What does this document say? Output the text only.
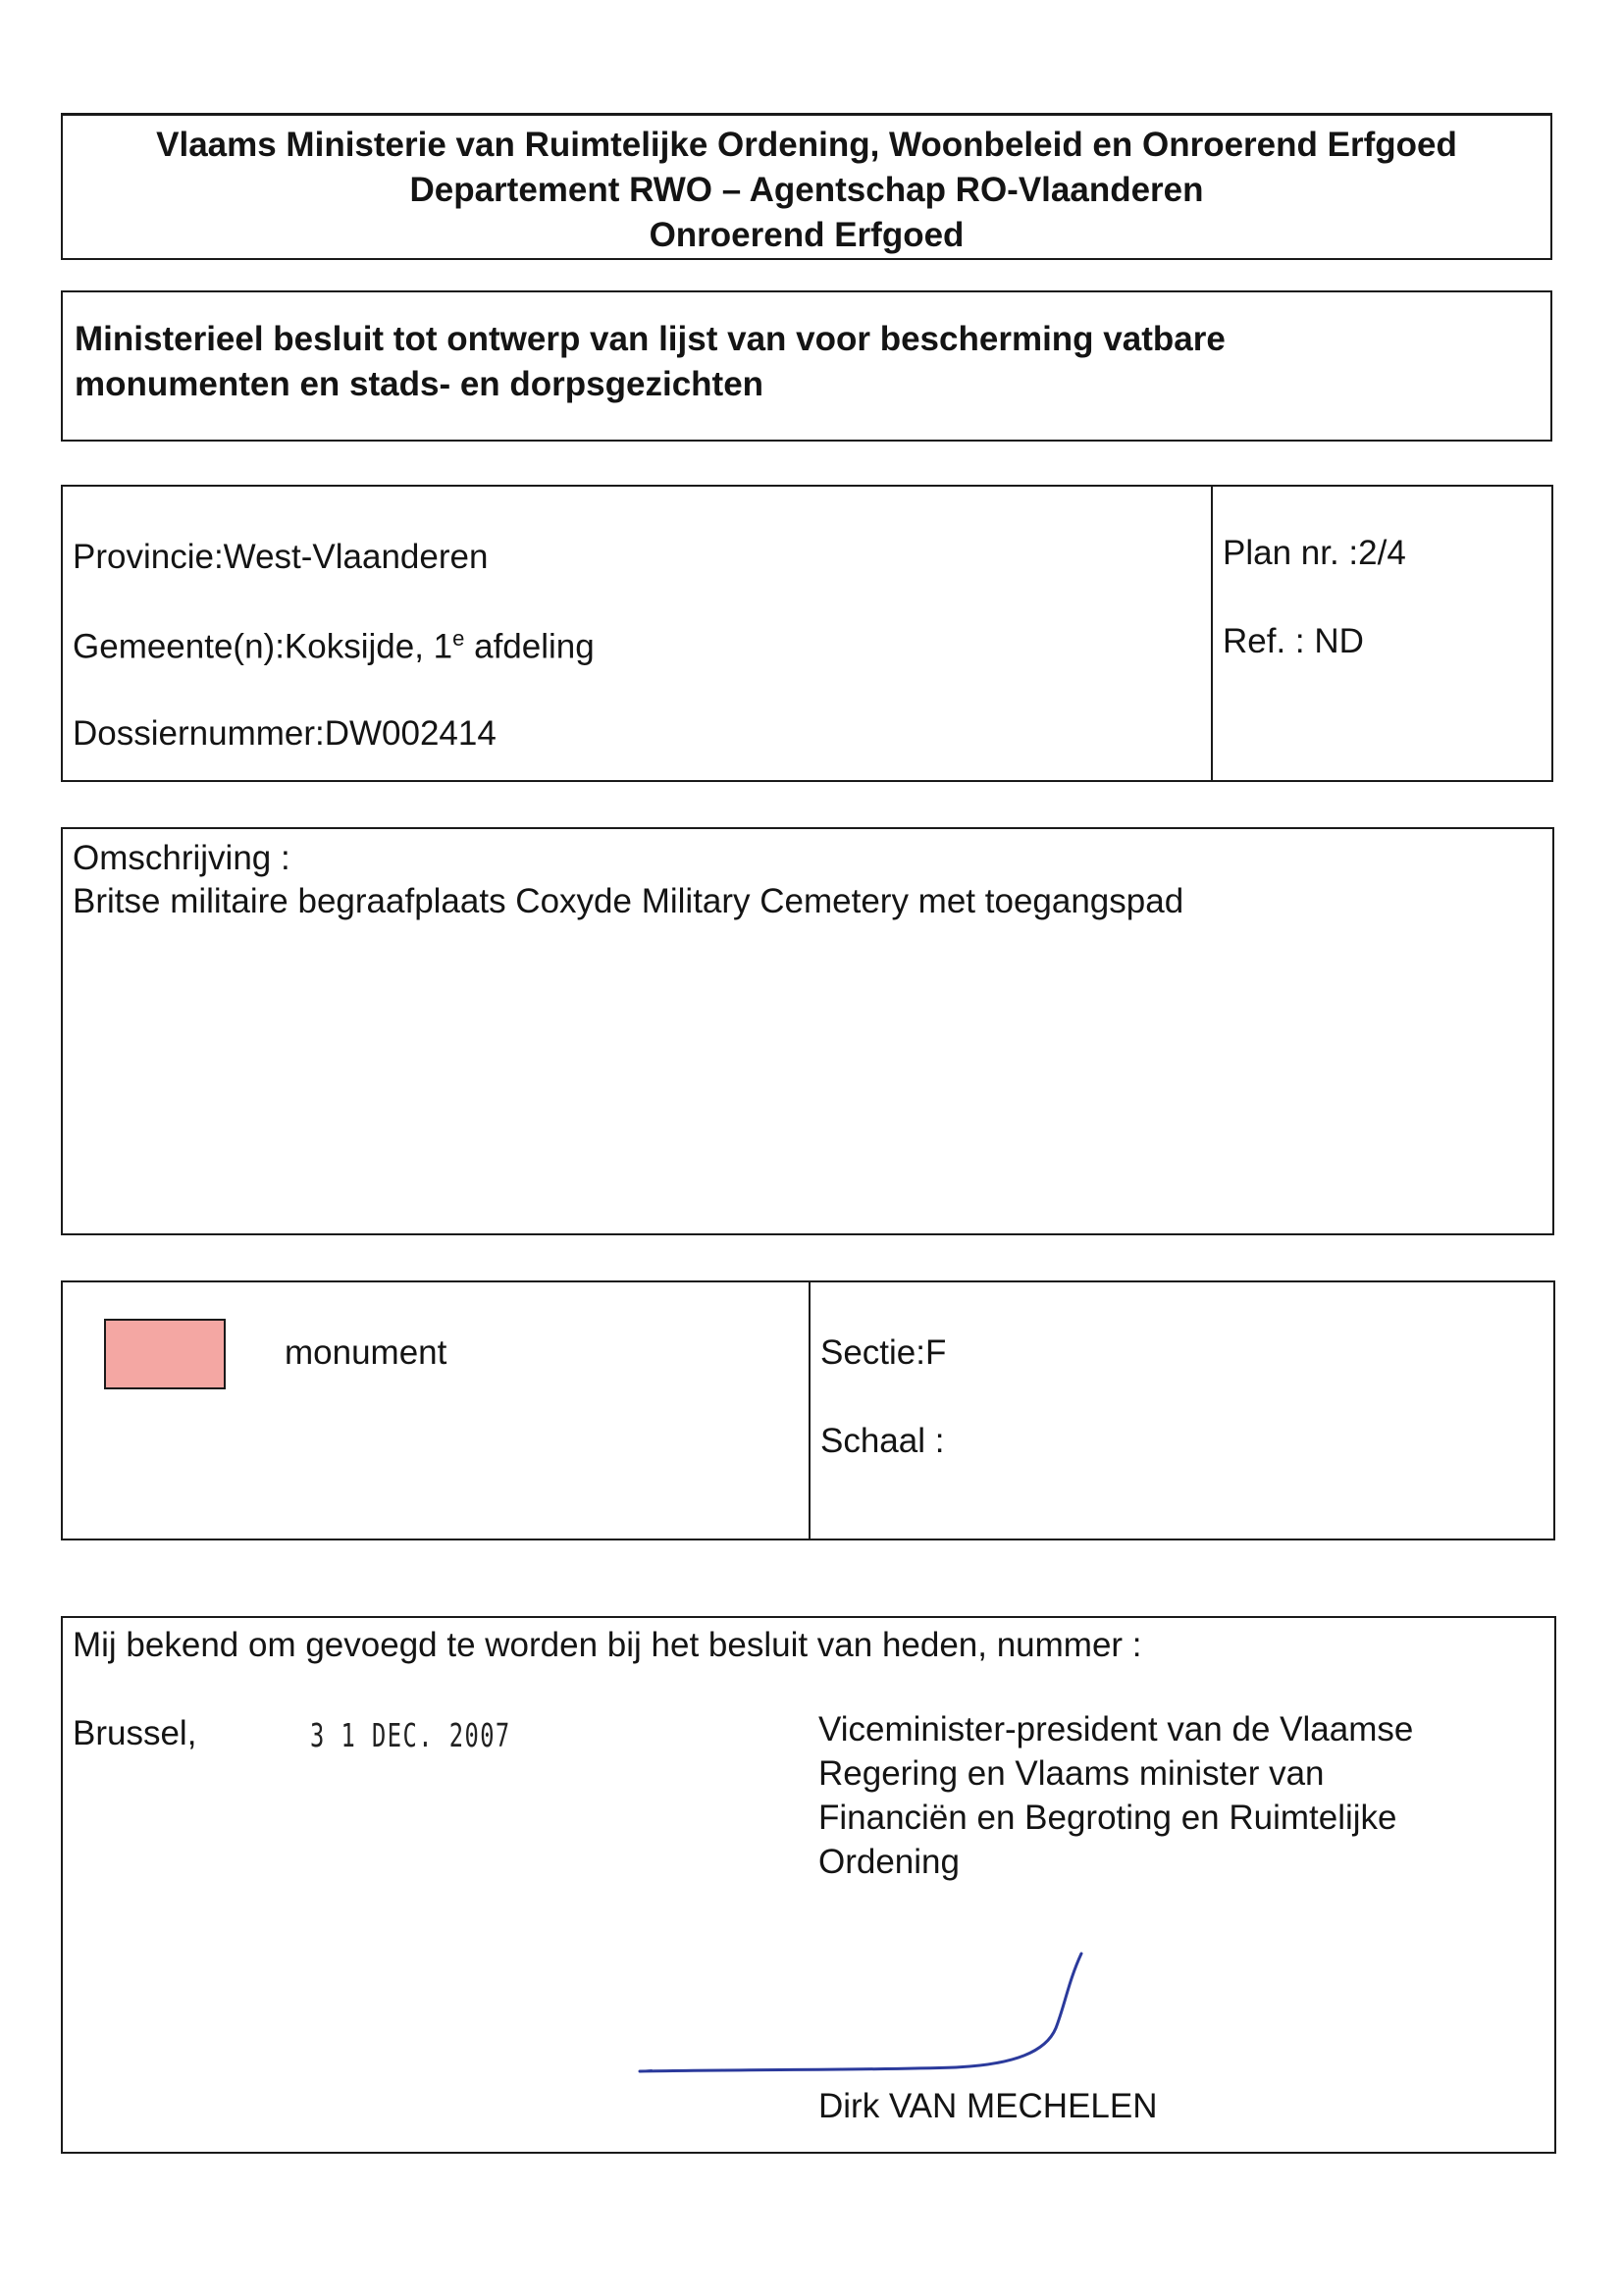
Vlaams Ministerie van Ruimtelijke Ordening, Woonbeleid en Onroerend Erfgoed
Departement RWO – Agentschap RO-Vlaanderen
Onroerend Erfgoed
Ministerieel besluit tot ontwerp van lijst van voor bescherming vatbare
monumenten en stads- en dorpsgezichten
Provincie:West-Vlaanderen
Gemeente(n):Koksijde, 1e afdeling
Dossiernummer:DW002414
Plan nr. :2/4
Ref. : ND
Omschrijving :
Britse militaire begraafplaats Coxyde Military Cemetery met toegangspad
monument	Sectie:F
Schaal :
Mij bekend om gevoegd te worden bij het besluit van heden, nummer :
Brussel,	3 1 DEC. 2007	Viceminister-president van de Vlaamse
Regering en Vlaams minister van
Financiën en Begroting en Ruimtelijke
Ordening
Dirk VAN MECHELEN
